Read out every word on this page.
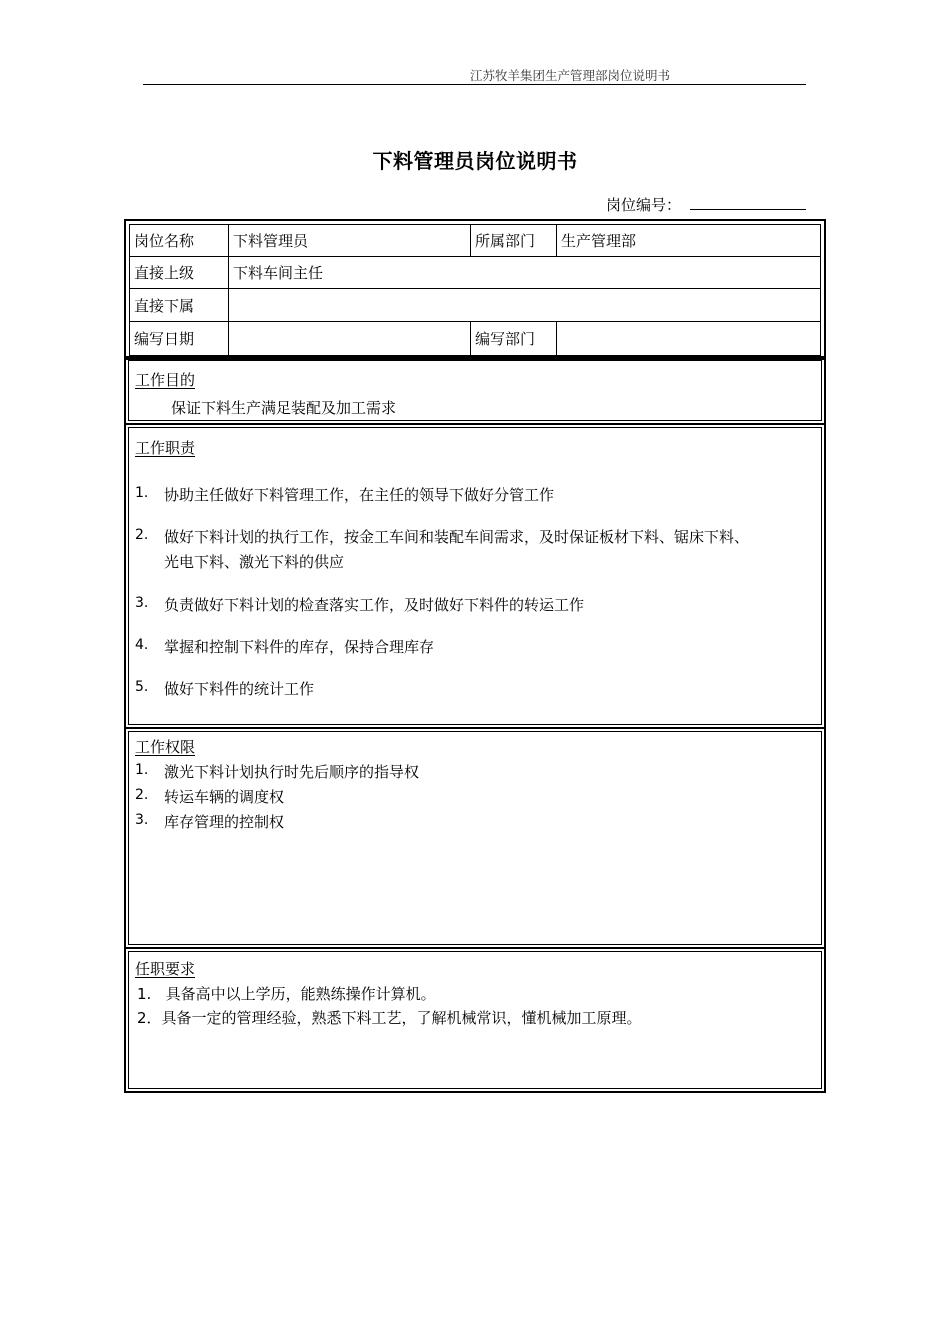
江苏牧羊集团生产管理部岗位说明书
下料管理员岗位说明书
岗位编号：
岗位名称	下料管理员	所属部门	生产管理部
直接上级	下料车间主任		
直接下属			
编写日期		编写部门	
工作目的
保证下料生产满足装配及加工需求
工作职责
1. 协助主任做好下料管理工作，在主任的领导下做好分管工作
2. 做好下料计划的执行工作，按金工车间和装配车间需求，及时保证板材下料、锯床下料、
光电下料、激光下料的供应
3. 负责做好下料计划的检查落实工作，及时做好下料件的转运工作
4. 掌握和控制下料件的库存，保持合理库存
5. 做好下料件的统计工作
工作权限
1. 激光下料计划执行时先后顺序的指导权
2. 转运车辆的调度权
3. 库存管理的控制权
任职要求
1.   具备高中以上学历，能熟练操作计算机。
2．具备一定的管理经验，熟悉下料工艺，了解机械常识，懂机械加工原理。
